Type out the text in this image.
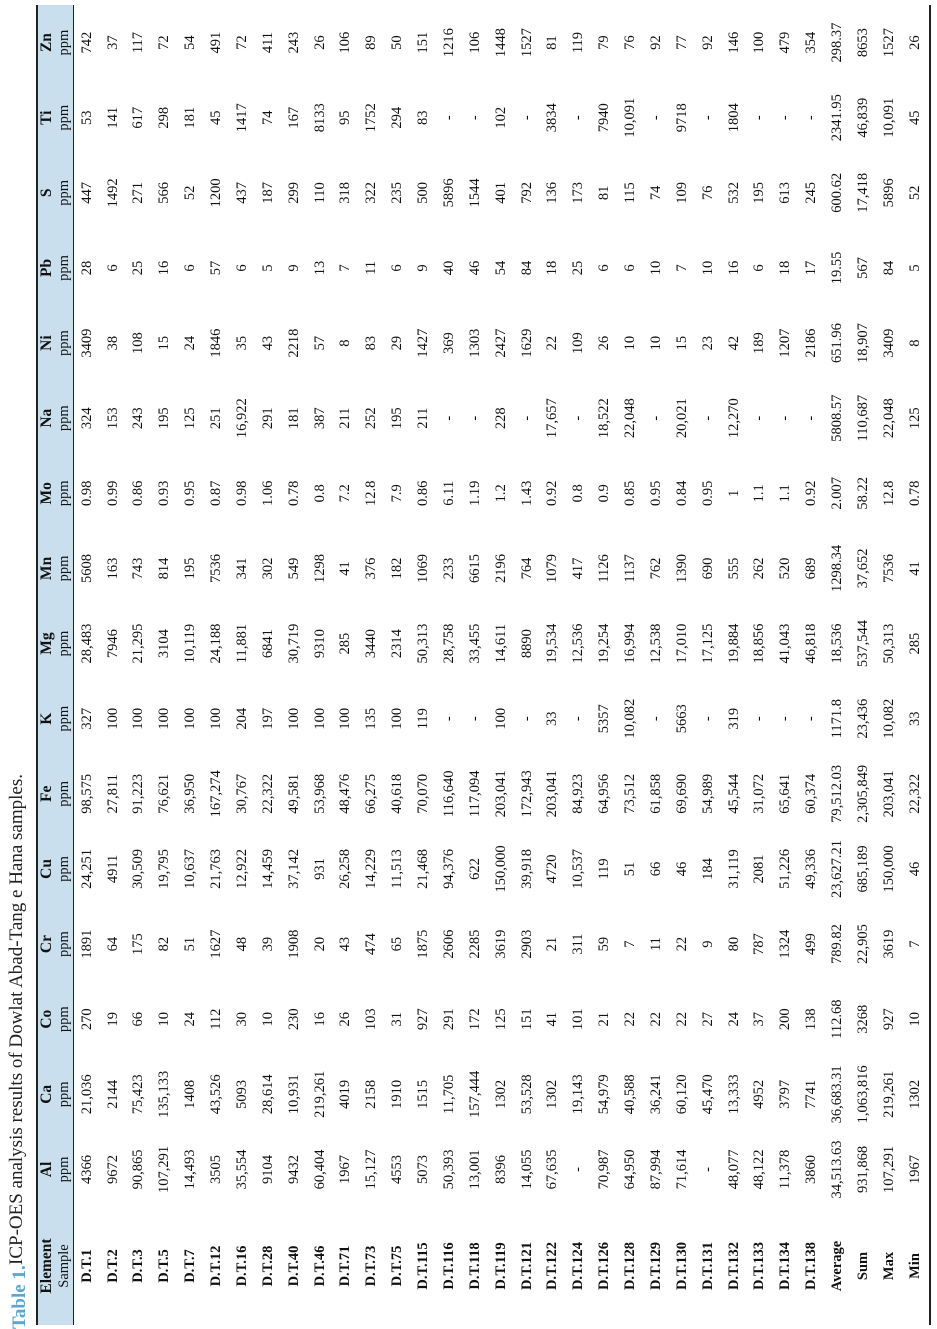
Table 1.
ICP-OES analysis results of Dowlat Abad-Tang e Hana samples.
Element	Al	Ca	Co	Cr	Cu	Fe	K	Mg	Mn	Mo	Na	Ni	Pb	S	Ti	Zn
Sample	ppm	ppm	ppm	ppm	ppm	ppm	ppm	ppm	ppm	ppm	ppm	ppm	ppm	ppm	ppm	ppm
D.T.1	4366	21,036	270	1891	24,251	98,575	327	28,483	5608	0.98	324	3409	28	447	53	742
D.T.2	9672	2144	19	64	4911	27,811	100	7946	163	0.99	153	38	6	1492	141	37
D.T.3	90,865	75,423	66	175	30,509	91,223	100	21,295	743	0.86	243	108	25	271	617	117
D.T.5	107,291	135,133	10	82	19,795	76,621	100	3104	814	0.93	195	15	16	566	298	72
D.T.7	14,493	1408	24	51	10,637	36,950	100	10,119	195	0.95	125	24	6	52	181	54
D.T.12	3505	43,526	112	1627	21,763	167,274	100	24,188	7536	0.87	251	1846	57	1200	45	491
D.T.16	35,554	5093	30	48	12,922	30,767	204	11,881	341	0.98	16,922	35	6	437	1417	72
D.T.28	9104	28,614	10	39	14,459	22,322	197	6841	302	1.06	291	43	5	187	74	411
D.T.40	9432	10,931	230	1908	37,142	49,581	100	30,719	549	0.78	181	2218	9	299	167	243
D.T.46	60,404	219,261	16	20	931	53,968	100	9310	1298	0.8	387	57	13	110	8133	26
D.T.71	1967	4019	26	43	26,258	48,476	100	285	41	7.2	211	8	7	318	95	106
D.T.73	15,127	2158	103	474	14,229	66,275	135	3440	376	12.8	252	83	11	322	1752	89
D.T.75	4553	1910	31	65	11,513	40,618	100	2314	182	7.9	195	29	6	235	294	50
D.T.115	5073	1515	927	1875	21,468	70,070	119	50,313	1069	0.86	211	1427	9	500	83	151
D.T.116	50,393	11,705	291	2606	94,376	116,640	-	28,758	233	6.11	-	369	40	5896	-	1216
D.T.118	13,001	157,444	172	2285	622	117,094	-	33,455	6615	1.19	-	1303	46	1544	-	106
D.T.119	8396	1302	125	3619	150,000	203,041	100	14,611	2196	1.2	228	2427	54	401	102	1448
D.T.121	14,055	53,528	151	2903	39,918	172,943	-	8890	764	1.43	-	1629	84	792	-	1527
D.T.122	67,635	1302	41	21	4720	203,041	33	19,534	1079	0.92	17,657	22	18	136	3834	81
D.T.124	-	19,143	101	311	10,537	84,923	-	12,536	417	0.8	-	109	25	173	-	119
D.T.126	70,987	54,979	21	59	119	64,956	5357	19,254	1126	0.9	18,522	26	6	81	7940	79
D.T.128	64,950	40,588	22	7	51	73,512	10,082	16,994	1137	0.85	22,048	10	6	115	10,091	76
D.T.129	87,994	36,241	22	11	66	61,858	-	12,538	762	0.95	-	10	10	74	-	92
D.T.130	71,614	60,120	22	22	46	69,690	5663	17,010	1390	0.84	20,021	15	7	109	9718	77
D.T.131	-	45,470	27	9	184	54,989	-	17,125	690	0.95	-	23	10	76	-	92
D.T.132	48,077	13,333	24	80	31,119	45,544	319	19,884	555	1	12,270	42	16	532	1804	146
D.T.133	48,122	4952	37	787	2081	31,072	-	18,856	262	1.1	-	189	6	195	-	100
D.T.134	11,378	3797	200	1324	51,226	65,641	-	41,043	520	1.1	-	1207	18	613	-	479
D.T.138	3860	7741	138	499	49,336	60,374	-	46,818	689	0.92	-	2186	17	245	-	354
Average	34,513.63	36,683.31	112.68	789.82	23,627.21	79,512.03	1171.8	18,536	1298.34	2.007	5808.57	651.96	19.55	600.62	2341.95	298.37
Sum	931,868	1,063,816	3268	22,905	685,189	2,305,849	23,436	537,544	37,652	58.22	110,687	18,907	567	17,418	46,839	8653
Max	107,291	219,261	927	3619	150,000	203,041	10,082	50,313	7536	12.8	22,048	3409	84	5896	10,091	1527
Min	1967	1302	10	7	46	22,322	33	285	41	0.78	125	8	5	52	45	26
